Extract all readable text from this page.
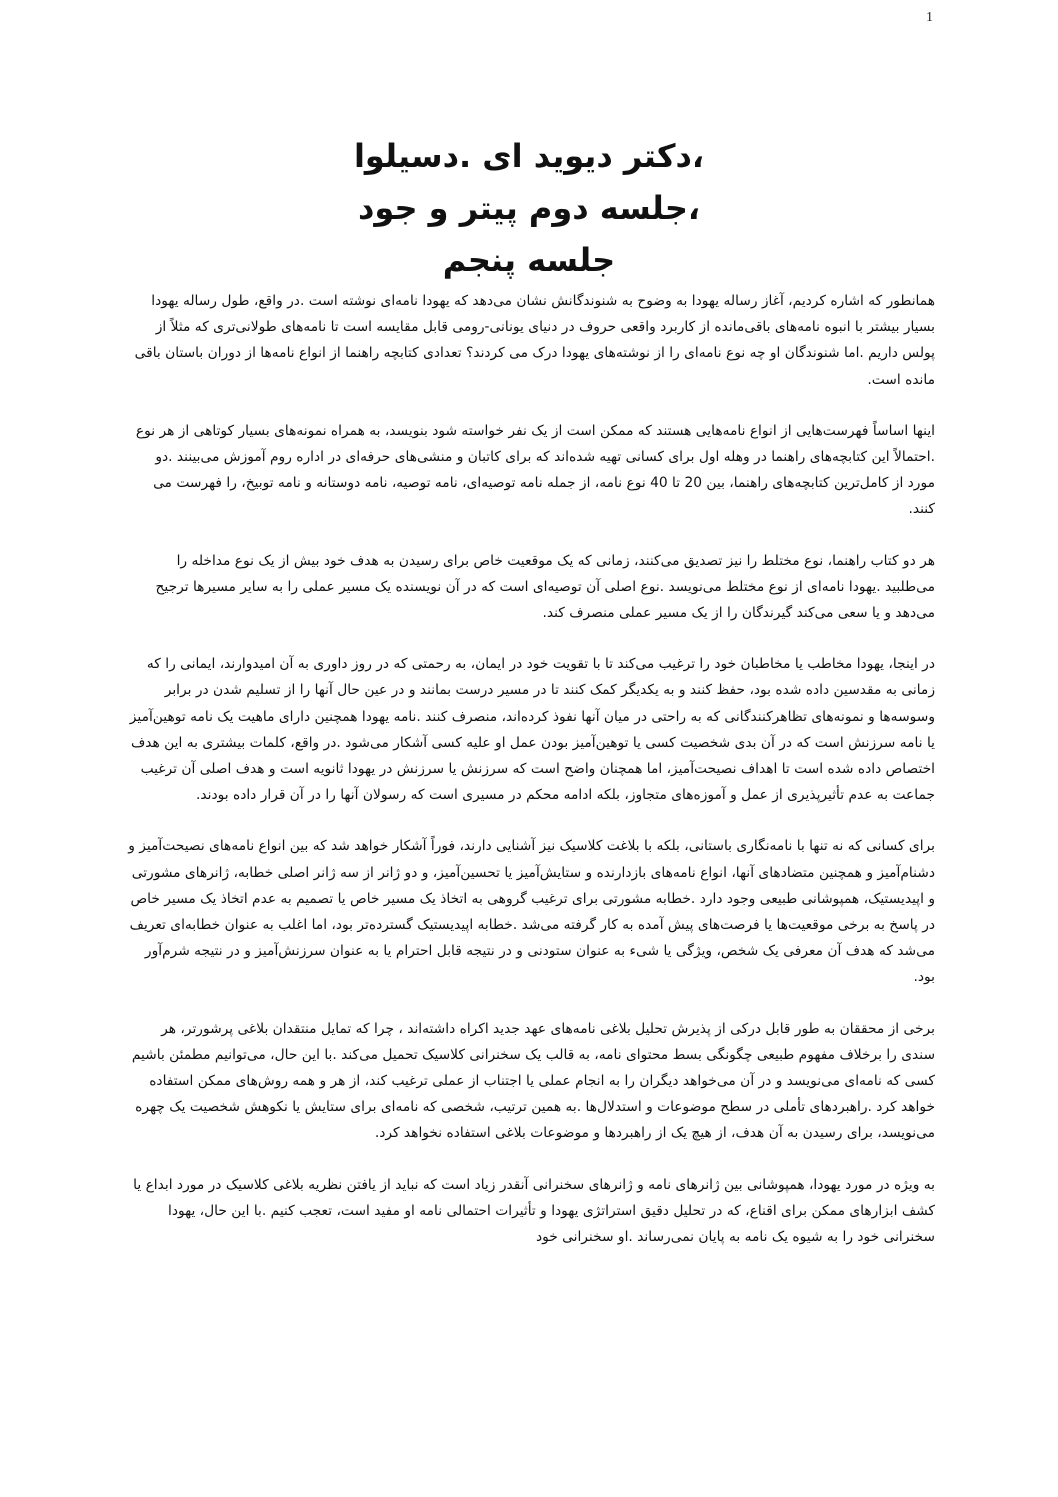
1
،دکتر دیوید ای .دسیلوا
،جلسه دوم پیتر و جود
جلسه پنجم

همانطور که اشاره کردیم، آغاز رساله یهودا به وضوح به شنوندگانش نشان می‌دهد که یهودا نامه‌ای نوشته است .در واقع، طول رساله یهودا بسیار بیشتر با انبوه نامه‌های باقی‌مانده از کاربرد واقعی حروف در دنیای یونانی-رومی قابل مقایسه است تا نامه‌های طولانی‌تری که مثلاً از پولس داریم .اما شنوندگان او چه نوع نامه‌ای را از نوشته‌های یهودا درک می کردند؟ تعدادی کتابچه راهنما از انواع نامه‌ها از دوران باستان باقی مانده است.

اینها اساساً فهرست‌هایی از انواع نامه‌هایی هستند که ممکن است از یک نفر خواسته شود بنویسد، به همراه نمونه‌های بسیار کوتاهی از هر نوع .احتمالاً این کتابچه‌های راهنما در وهله اول برای کسانی تهیه شده‌اند که برای کاتبان و منشی‌های حرفه‌ای در اداره روم آموزش می‌بینند .دو مورد از کامل‌ترین کتابچه‌های راهنما، بین 20 تا 40 نوع نامه، از جمله نامه توصیه‌ای، نامه توصیه، نامه دوستانه و نامه توبیخ، را فهرست می کنند.

هر دو کتاب راهنما، نوع مختلط را نیز تصدیق می‌کنند، زمانی که یک موقعیت خاص برای رسیدن به هدف خود بیش از یک نوع مداخله را می‌طلبید .یهودا نامه‌ای از نوع مختلط می‌نویسد .نوع اصلی آن توصیه‌ای است که در آن نویسنده یک مسیر عملی را به سایر مسیرها ترجیح می‌دهد و یا سعی می‌کند گیرندگان را از یک مسیر عملی منصرف کند.

در اینجا، یهودا مخاطب یا مخاطبان خود را ترغیب می‌کند تا با تقویت خود در ایمان، به رحمتی که در روز داوری به آن امیدوارند، ایمانی را که زمانی به مقدسین داده شده بود، حفظ کنند و به یکدیگر کمک کنند تا در مسیر درست بمانند و در عین حال آنها را از تسلیم شدن در برابر وسوسه‌ها و نمونه‌های تظاهرکنندگانی که به راحتی در میان آنها نفوذ کرده‌اند، منصرف کنند .نامه یهودا همچنین دارای ماهیت یک نامه توهین‌آمیز یا نامه سرزنش است که در آن بدی شخصیت کسی یا توهین‌آمیز بودن عمل او علیه کسی آشکار می‌شود .در واقع، کلمات بیشتری به این هدف اختصاص داده شده است تا اهداف نصیحت‌آمیز، اما همچنان واضح است که سرزنش یا سرزنش در یهودا ثانویه است و هدف اصلی آن ترغیب جماعت به عدم تأثیرپذیری از عمل و آموزه‌های متجاوز، بلکه ادامه محکم در مسیری است که رسولان آنها را در آن قرار داده بودند.

برای کسانی که نه تنها با نامه‌نگاری باستانی، بلکه با بلاغت کلاسیک نیز آشنایی دارند، فوراً آشکار خواهد شد که بین انواع نامه‌های نصیحت‌آمیز و دشنام‌آمیز و همچنین متضادهای آنها، انواع نامه‌های بازدارنده و ستایش‌آمیز یا تحسین‌آمیز، و دو ژانر از سه ژانر اصلی خطابه، ژانرهای مشورتی و اپیدیستیک، همپوشانی طبیعی وجود دارد .خطابه مشورتی برای ترغیب گروهی به اتخاذ یک مسیر خاص یا تصمیم به عدم اتخاذ یک مسیر خاص در پاسخ به برخی موقعیت‌ها یا فرصت‌های پیش آمده به کار گرفته می‌شد .خطابه اپیدیستیک گسترده‌تر بود، اما اغلب به عنوان خطابه‌ای تعریف می‌شد که هدف آن معرفی یک شخص، ویژگی یا شیء به عنوان ستودنی و در نتیجه قابل احترام یا به عنوان سرزنش‌آمیز و در نتیجه شرم‌آور بود.

برخی از محققان به طور قابل درکی از پذیرش تحلیل بلاغی نامه‌های عهد جدید اکراه داشته‌اند ، چرا که تمایل منتقدان بلاغی پرشورتر، هر سندی را برخلاف مفهوم طبیعی چگونگی بسط محتوای نامه، به قالب یک سخنرانی کلاسیک تحمیل می‌کند .با این حال، می‌توانیم مطمئن باشیم کسی که نامه‌ای می‌نویسد و در آن می‌خواهد دیگران را به انجام عملی یا اجتناب از عملی ترغیب کند، از هر و همه روش‌های ممکن استفاده خواهد کرد .راهبردهای تأملی در سطح موضوعات و استدلال‌ها .به همین ترتیب، شخصی که نامه‌ای برای ستایش یا نکوهش شخصیت یک چهره می‌نویسد، برای رسیدن به آن هدف، از هیچ یک از راهبردها و موضوعات بلاغی استفاده نخواهد کرد.

به ویژه در مورد یهودا، همپوشانی بین ژانرهای نامه و ژانرهای سخنرانی آنقدر زیاد است که نباید از یافتن نظریه بلاغی کلاسیک در مورد ابداع یا کشف ابزارهای ممکن برای اقناع، که در تحلیل دقیق استراتژی یهودا و تأثیرات احتمالی نامه او مفید است، تعجب کنیم .با این حال، یهودا سخنرانی خود را به شیوه یک نامه به پایان نمی‌رساند .او سخنرانی خود
